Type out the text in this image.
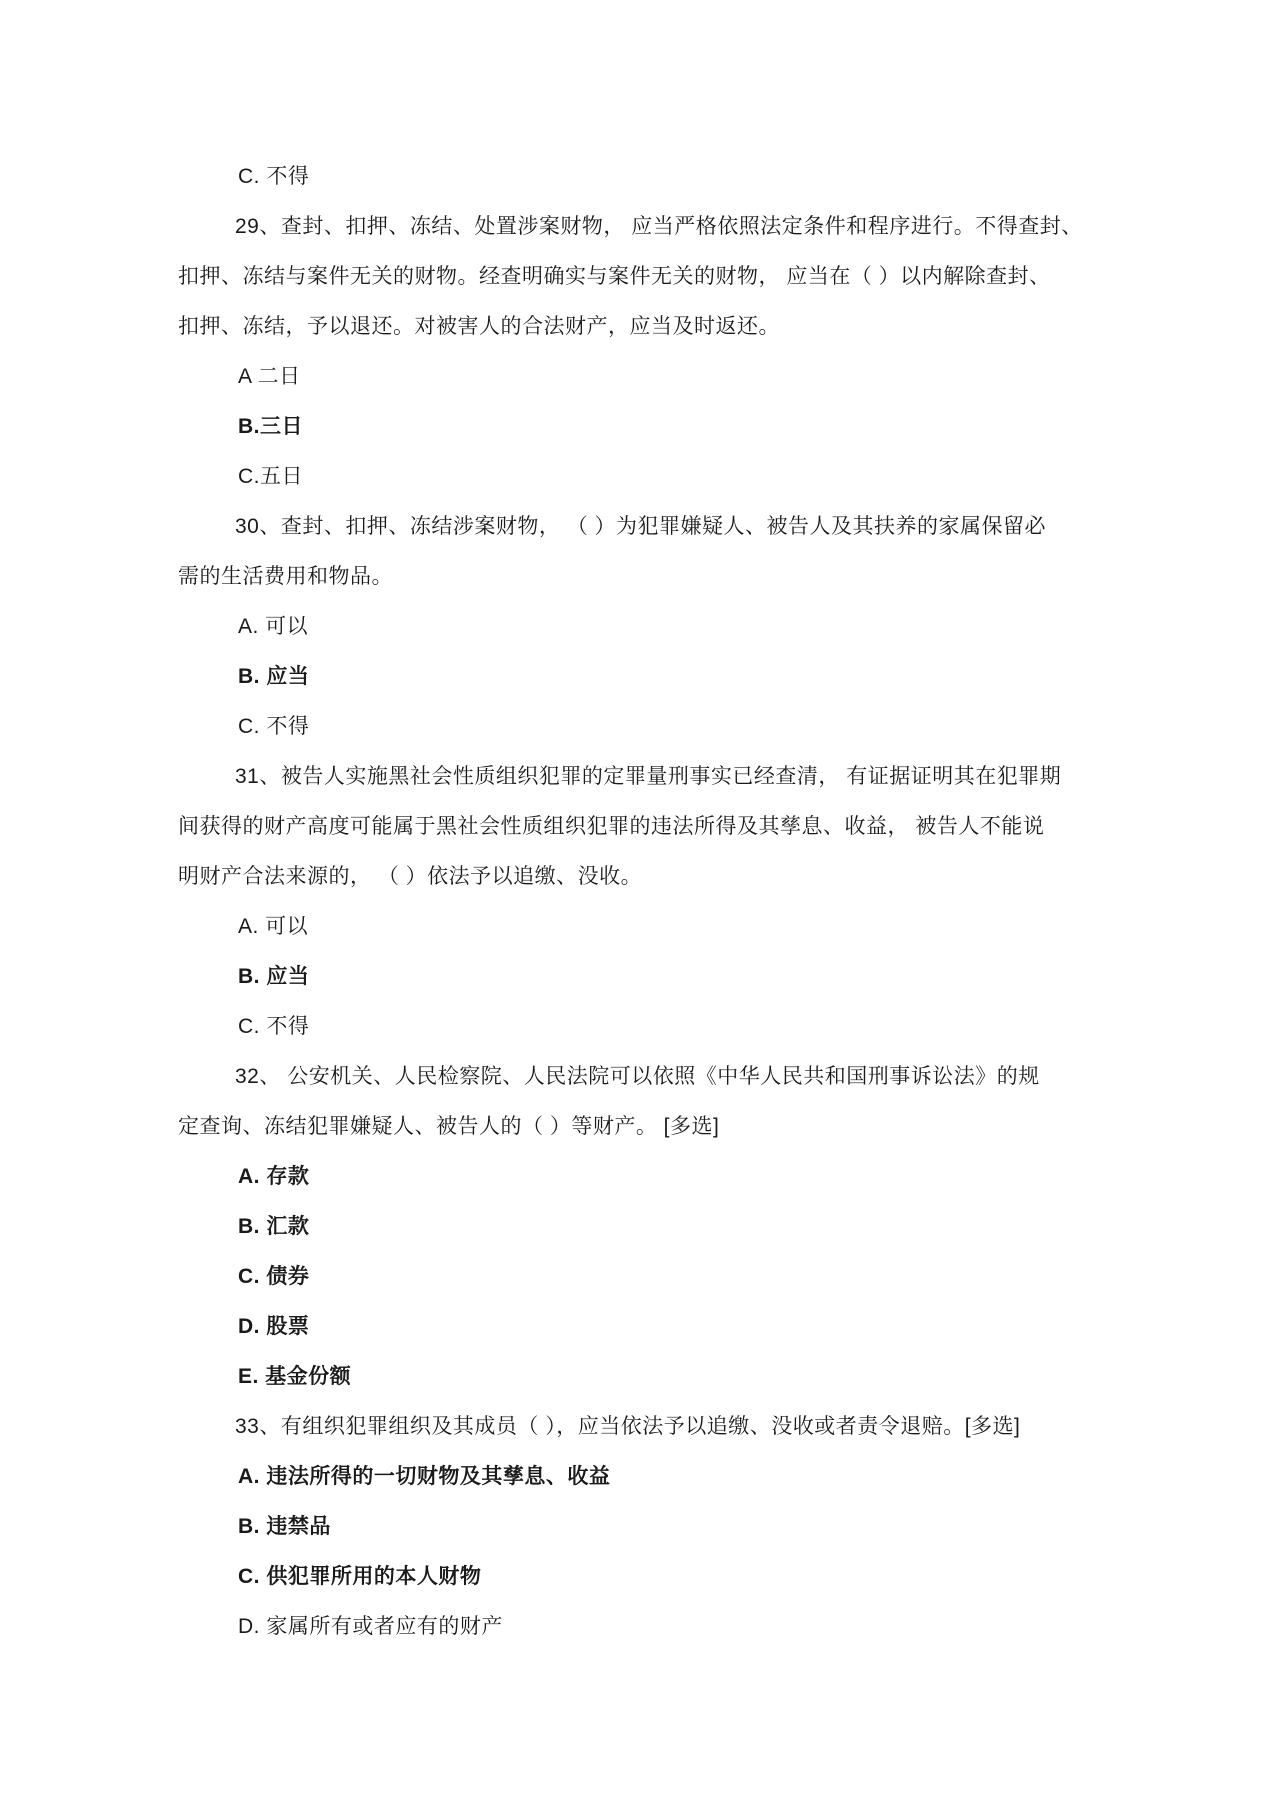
C. 不得
29、查封、扣押、冻结、处置涉案财物， 应当严格依照法定条件和程序进行。不得查封、
扣押、冻结与案件无关的财物。经查明确实与案件无关的财物， 应当在（ ）以内解除查封、
扣押、冻结，予以退还。对被害人的合法财产，应当及时返还。
A 二日
B.三日
C.五日
30、查封、扣押、冻结涉案财物， （ ）为犯罪嫌疑人、被告人及其扶养的家属保留必
需的生活费用和物品。
A. 可以
B. 应当
C. 不得
31、被告人实施黑社会性质组织犯罪的定罪量刑事实已经查清， 有证据证明其在犯罪期
间获得的财产高度可能属于黑社会性质组织犯罪的违法所得及其孳息、收益， 被告人不能说
明财产合法来源的， （ ）依法予以追缴、没收。
A. 可以
B. 应当
C. 不得
32、 公安机关、人民检察院、人民法院可以依照《中华人民共和国刑事诉讼法》的规
定查询、冻结犯罪嫌疑人、被告人的（ ）等财产。 [多选]
A. 存款
B. 汇款
C. 债券
D. 股票
E. 基金份额
33、有组织犯罪组织及其成员（ ），应当依法予以追缴、没收或者责令退赔。[多选]
A. 违法所得的一切财物及其孳息、收益
B. 违禁品
C. 供犯罪所用的本人财物
D. 家属所有或者应有的财产
